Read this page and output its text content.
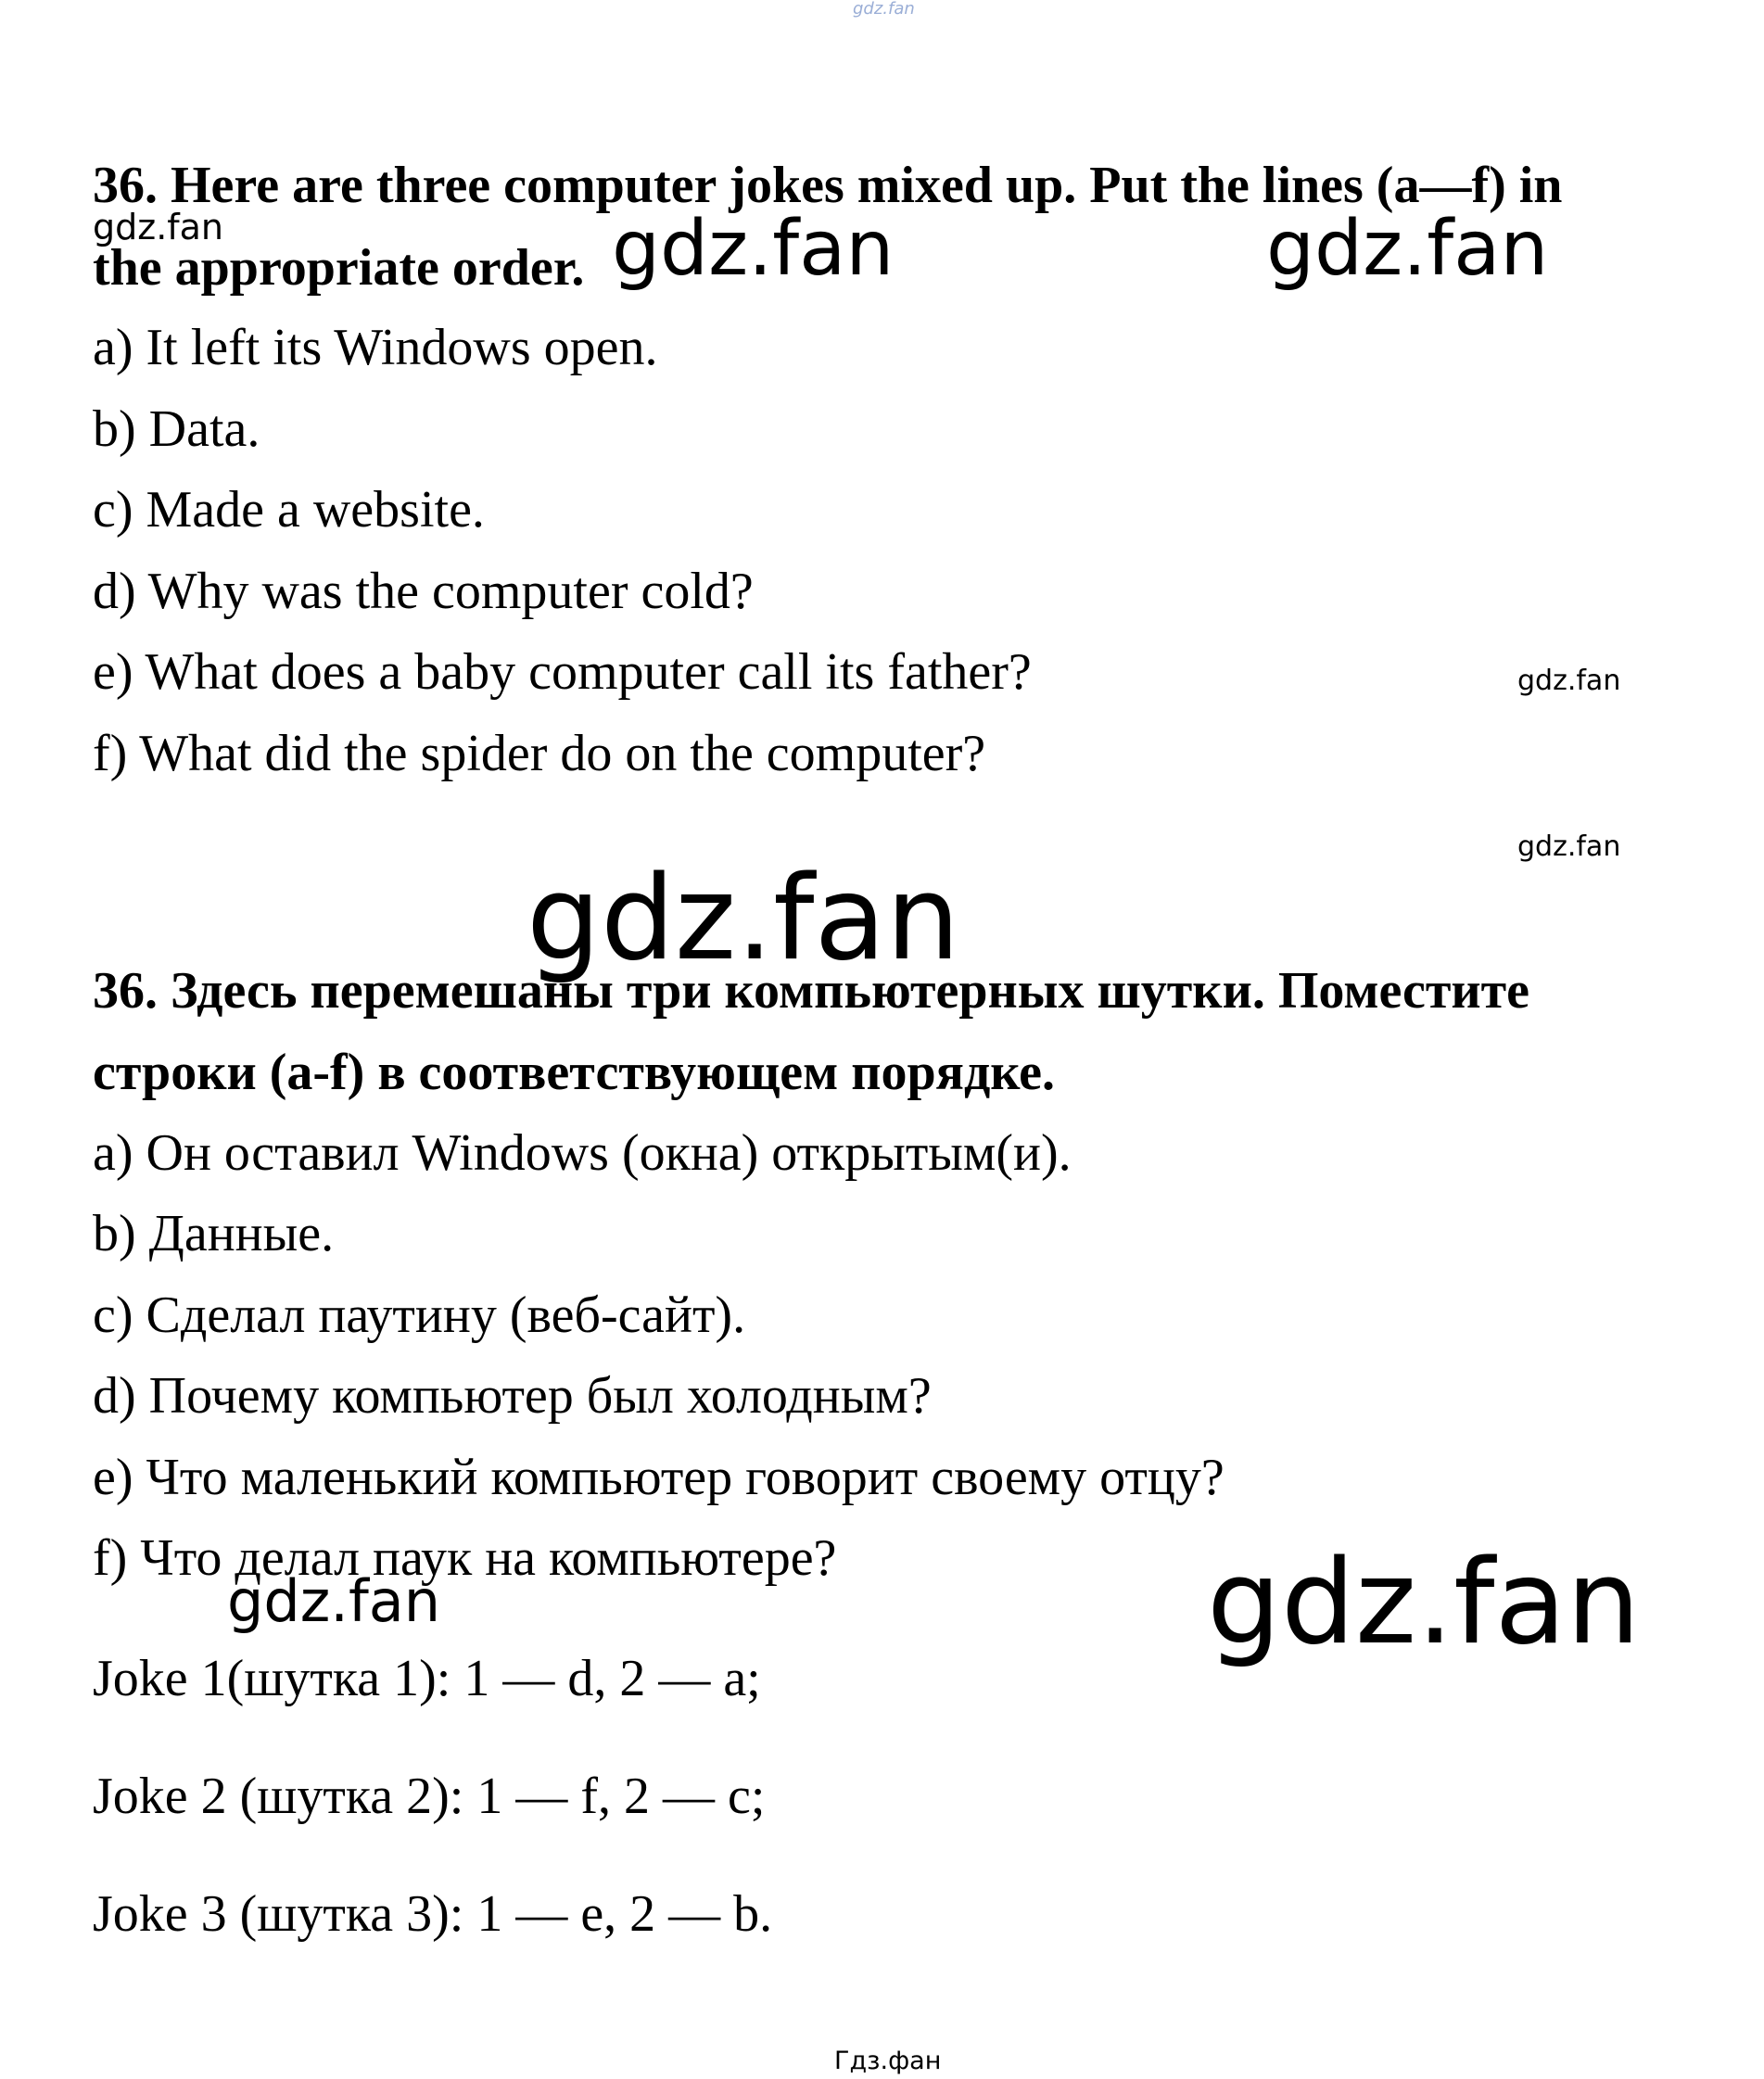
gdz.fan
36. Here are three computer jokes mixed up. Put the lines (a—f) in
the appropriate order.
a) It left its Windows open.
b) Data.
c) Made a website.
d) Why was the computer cold?
e) What does a baby computer call its father?
f) What did the spider do on the computer?
36. Здесь перемешаны три компьютерных шутки. Поместите
строки (a-f) в соответствующем порядке.
a) Он оставил Windows (окна) открытым(и).
b) Данные.
c) Сделал паутину (веб-сайт).
d) Почему компьютер был холодным?
e) Что маленький компьютер говорит своему отцу?
f) Что делал паук на компьютере?
Joke 1(шутка 1): 1 — d, 2 — a;
Joke 2 (шутка 2): 1 — f, 2 — c;
Joke 3 (шутка 3): 1 — e, 2 — b.
gdz.fan	gdz.fan	gdz.fan
gdz.fan
gdz.fan
gdz.fan
gdz.fan	gdz.fan
Гдз.фан
